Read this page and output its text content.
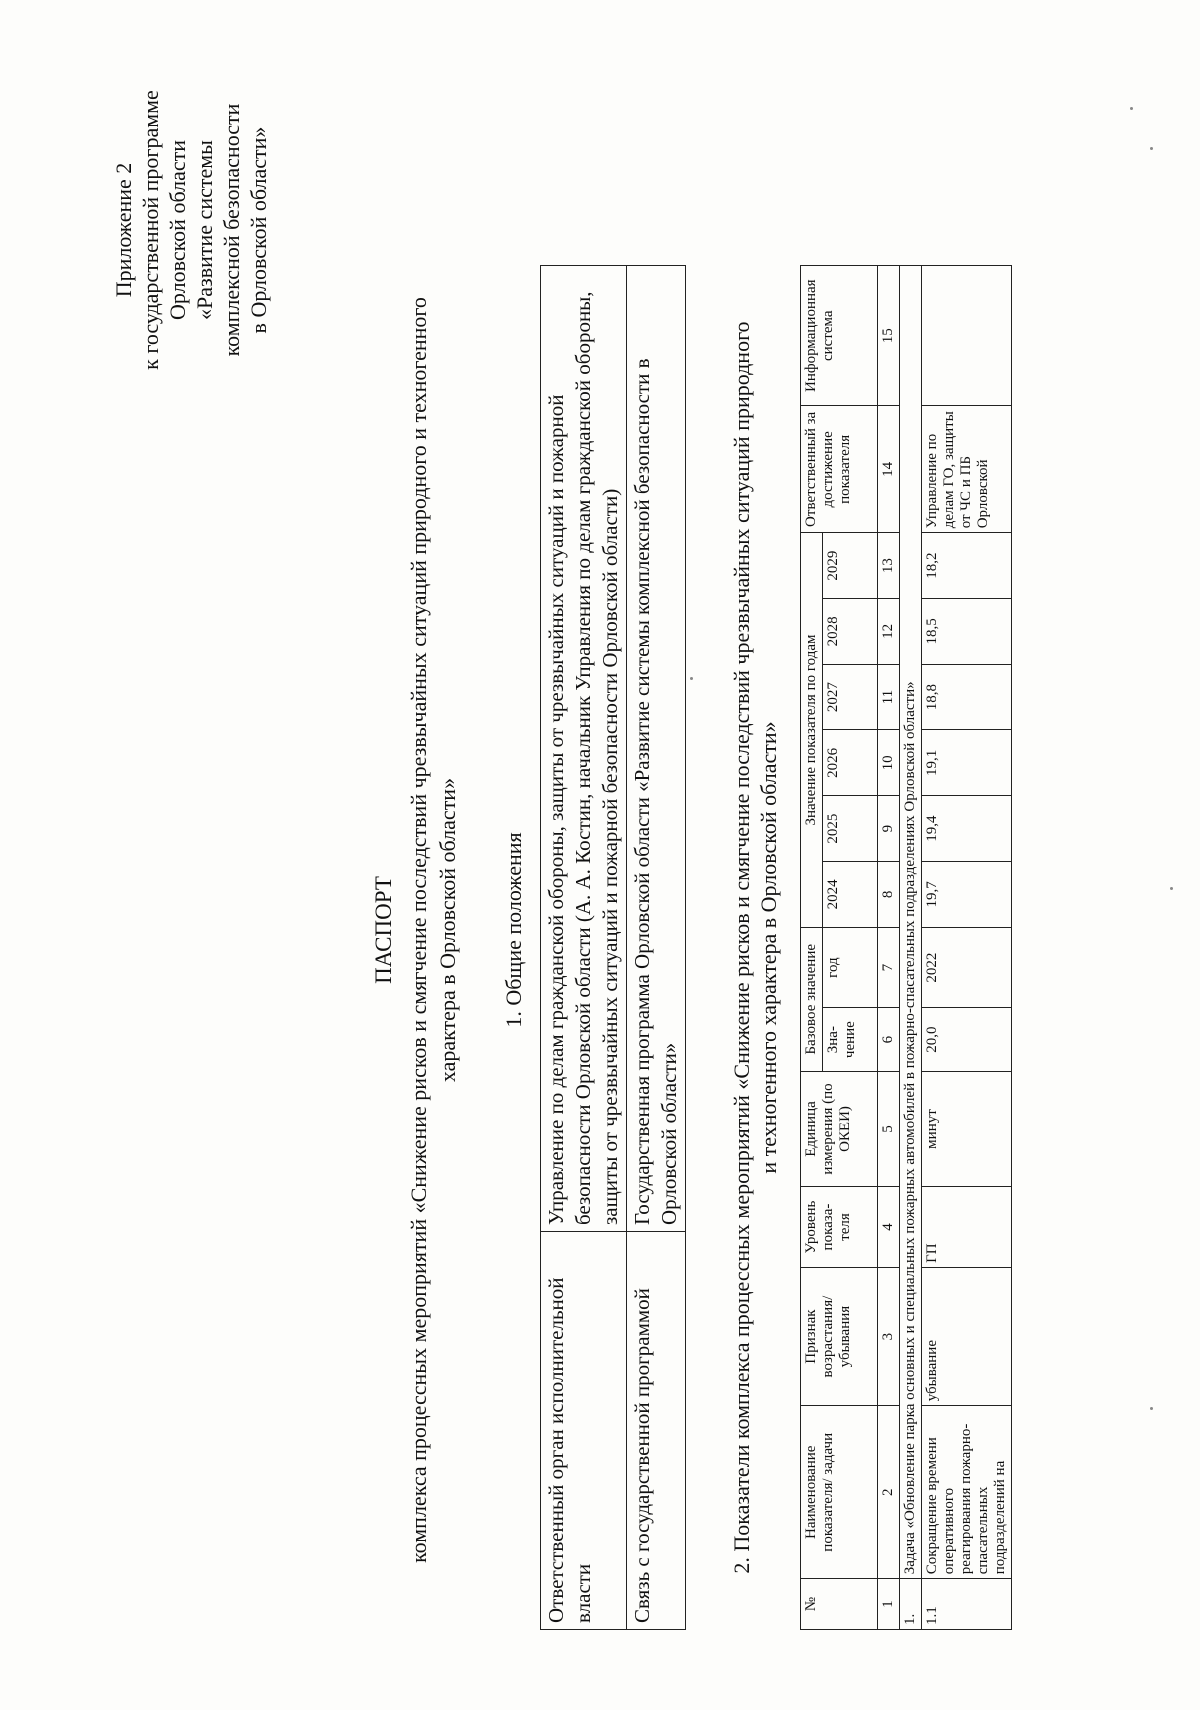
Приложение 2 к государственной программе Орловской области «Развитие системы комплексной безопасности в Орловской области»
ПАСПОРТ комплекса процессных мероприятий «Снижение рисков и смягчение последствий чрезвычайных ситуаций природного и техногенного характера в Орловской области» 1. Общие положения
Ответственный орган исполнительной власти	Управление по делам гражданской обороны, защиты от чрезвычайных ситуаций и пожарной безопасности Орловской области (А. А. Костин, начальник Управления по делам гражданской обороны, защиты от чрезвычайных ситуаций и пожарной безопасности Орловской области)
Связь с государственной программой	Государственная программа Орловской области «Развитие системы комплексной безопасности в Орловской области» 2. Показатели комплекса процессных мероприятий «Снижение рисков и смягчение последствий чрезвычайных ситуаций природного и техногенного характера в Орловской области»
№	Наименование показателя/ задачи	Признак возрастания/ убывания	Уровень показа-теля	Единица измерения (по ОКЕИ)	Базовое значение		Значение показателя по годам						Ответственный за достижение показателя	Информационная система
					Зна-чение	год	2024	2025	2026	2027	2028	2029		
1	2	3	4	5	6	7	8	9	10	11	12	13	14	15
1.	Задача «Обновление парка основных и специальных пожарных автомобилей в пожарно-спасательных подразделениях Орловской области»													
1.1	Сокращение времени оперативного реагирования пожарно-спасательных подразделений на	убывание	ГП	минут	20,0	2022	19,7	19,4	19,1	18,8	18,5	18,2	Управление по делам ГО, защиты от ЧС и ПБ Орловской	
